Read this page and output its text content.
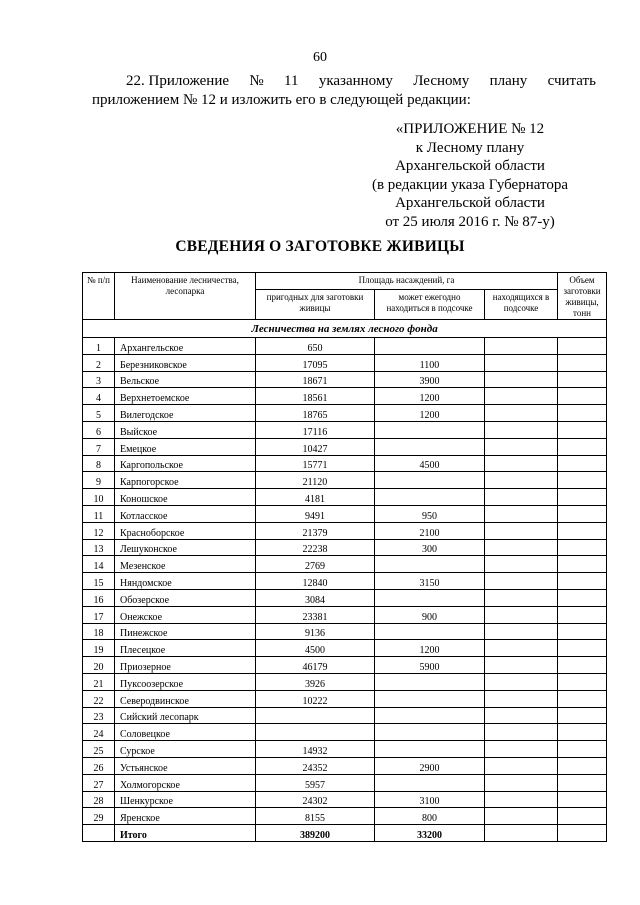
60
22. Приложение № 11 указанному Лесному плану считать
приложением № 12 и изложить его в следующей редакции:
«ПРИЛОЖЕНИЕ № 12
к Лесному плану
Архангельской области
(в редакции указа Губернатора
Архангельской области
от 25 июля 2016 г. № 87-у)
СВЕДЕНИЯ О ЗАГОТОВКЕ ЖИВИЦЫ
№ п/п	Наименование лесничества, лесопарка	Площадь насаждений, га			Объем заготовки живицы, тонн
		пригодных для заготовки живицы	может ежегодно находиться в подсочке	находящихся в подсочке	
Лесничества на землях лесного фонда					
1	Архангельское	650			
2	Березниковское	17095	1100		
3	Вельское	18671	3900		
4	Верхнетоемское	18561	1200		
5	Вилегодское	18765	1200		
6	Выйское	17116			
7	Емецкое	10427			
8	Каргопольское	15771	4500		
9	Карпогорское	21120			
10	Коношское	4181			
11	Котласское	9491	950		
12	Красноборское	21379	2100		
13	Лешуконское	22238	300		
14	Мезенское	2769			
15	Няндомское	12840	3150		
16	Обозерское	3084			
17	Онежское	23381	900		
18	Пинежское	9136			
19	Плесецкое	4500	1200		
20	Приозерное	46179	5900		
21	Пуксоозерское	3926			
22	Северодвинское	10222			
23	Сийский лесопарк				
24	Соловецкое				
25	Сурское	14932			
26	Устьянское	24352	2900		
27	Холмогорское	5957			
28	Шенкурское	24302	3100		
29	Яренское	8155	800		
	Итого	389200	33200		
